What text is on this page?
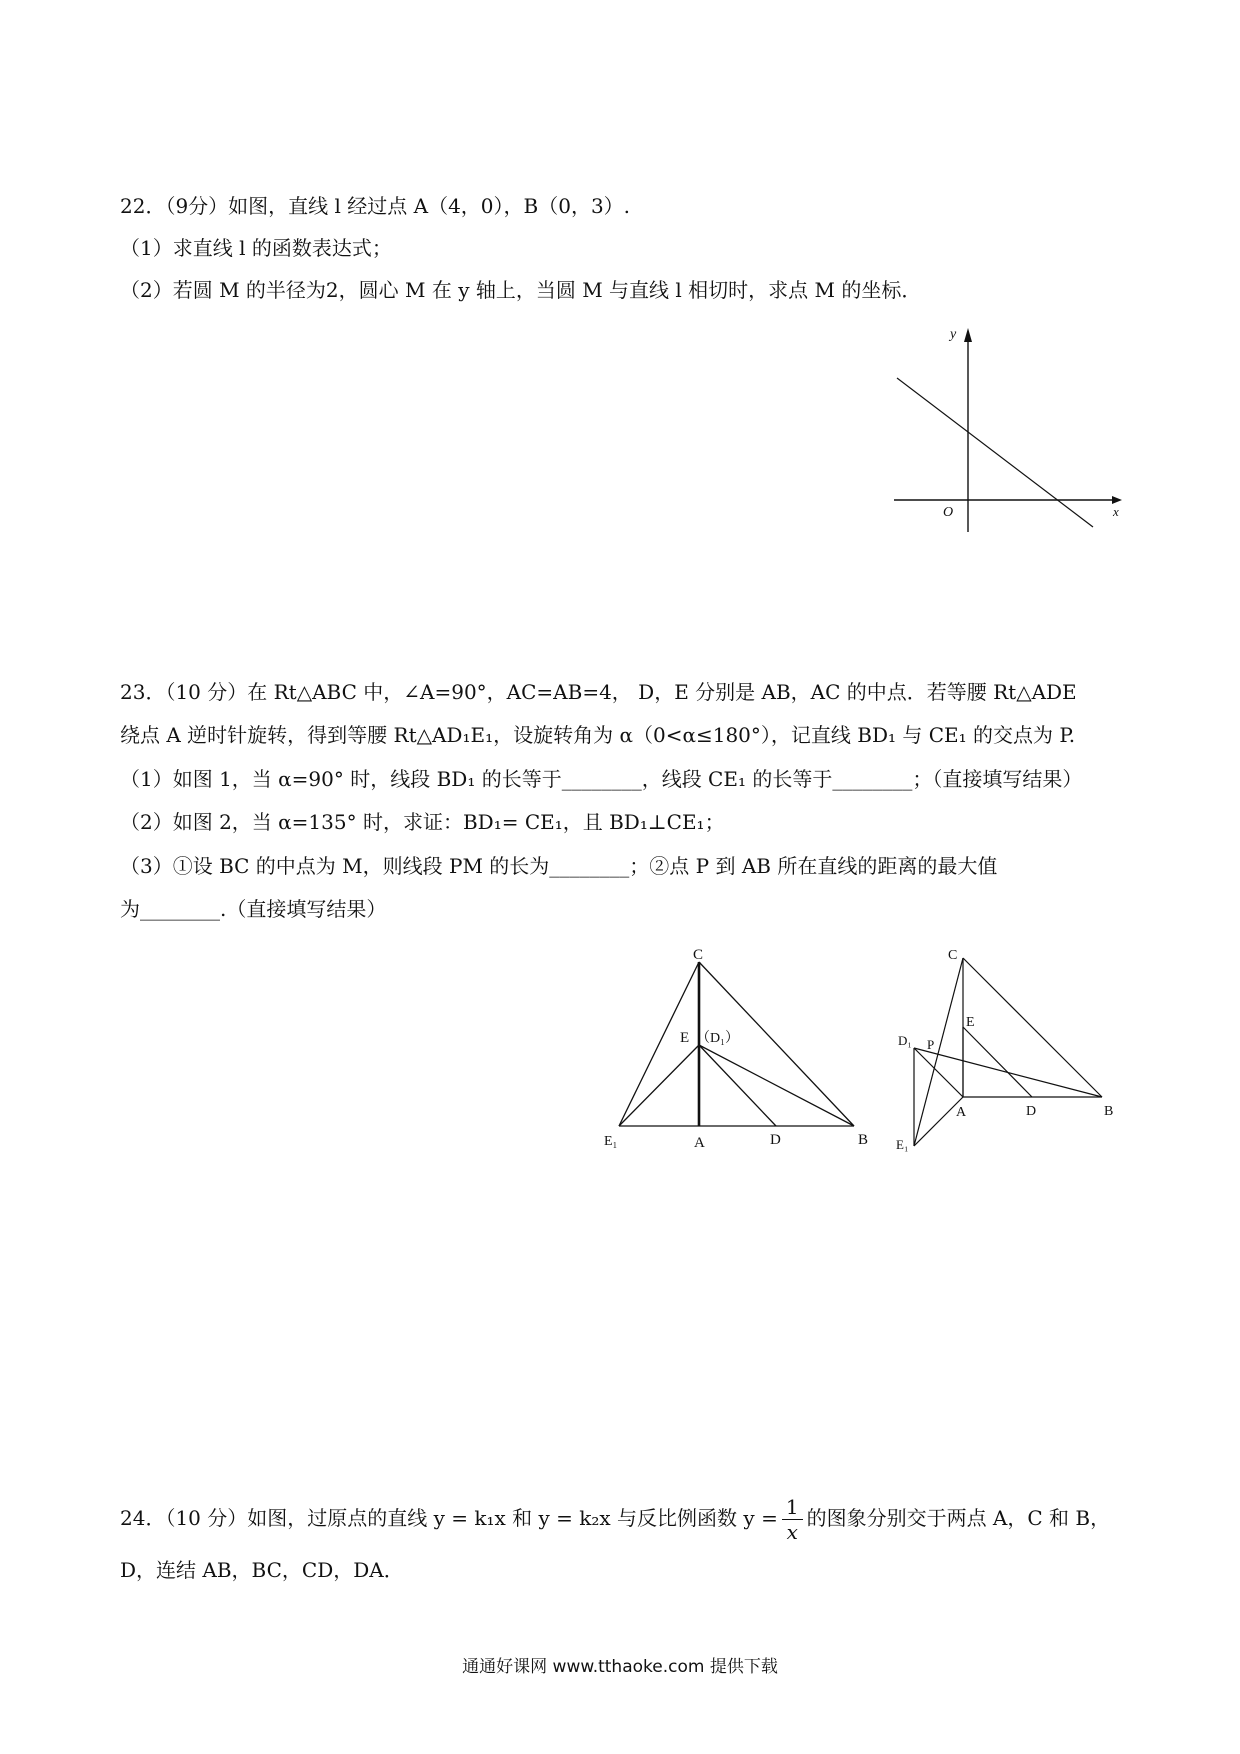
22．（9分）如图，直线 l 经过点 A（4，0），B（0，3）.
（1）求直线 l 的函数表达式；
（2）若圆 M 的半径为2，圆心 M 在 y 轴上，当圆 M 与直线 l 相切时，求点 M 的坐标．
y
x
O
23．（10 分）在 Rt△ABC 中，∠A=90°，AC=AB=4， D，E 分别是 AB，AC 的中点．若等腰 Rt△ADE
绕点 A 逆时针旋转，得到等腰 Rt△AD₁E₁，设旋转角为 α（0<α≤180°），记直线 BD₁ 与 CE₁ 的交点为 P.
（1）如图 1，当 α=90° 时，线段 BD₁ 的长等于________，线段 CE₁ 的长等于________；（直接填写结果）
（2）如图 2，当 α=135° 时，求证：BD₁= CE₁，且 BD₁⊥CE₁；
（3）①设 BC 的中点为 M，则线段 PM 的长为________；②点 P 到 AB 所在直线的距离的最大值
为________.（直接填写结果）
C
E （D₁）
E₁	A	D	B
C
E
D₁ P
A	D	B
E₁
24．（10 分）如图，过原点的直线 y = k₁x 和 y = k₂x 与反比例函数 $y = \frac{1}{x}$ 的图象分别交于两点 A，C 和 B，
D，连结 AB，BC，CD，DA．
通通好课网 www.tthaoke.com 提供下载
